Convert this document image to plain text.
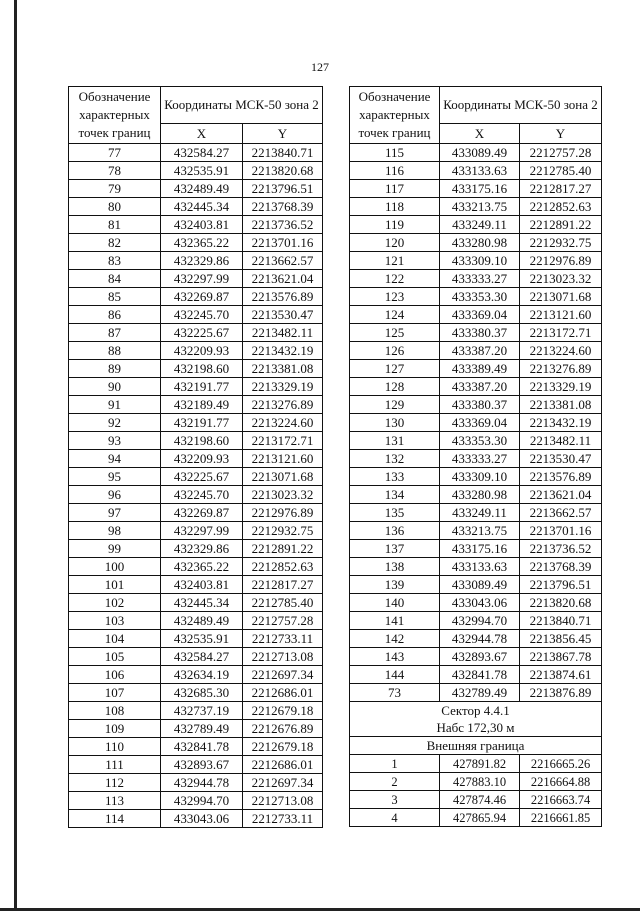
127
Обозначение характерных точек границ	Координаты МСК-50 зона 2	
	X	Y
77	432584.27	2213840.71
78	432535.91	2213820.68
79	432489.49	2213796.51
80	432445.34	2213768.39
81	432403.81	2213736.52
82	432365.22	2213701.16
83	432329.86	2213662.57
84	432297.99	2213621.04
85	432269.87	2213576.89
86	432245.70	2213530.47
87	432225.67	2213482.11
88	432209.93	2213432.19
89	432198.60	2213381.08
90	432191.77	2213329.19
91	432189.49	2213276.89
92	432191.77	2213224.60
93	432198.60	2213172.71
94	432209.93	2213121.60
95	432225.67	2213071.68
96	432245.70	2213023.32
97	432269.87	2212976.89
98	432297.99	2212932.75
99	432329.86	2212891.22
100	432365.22	2212852.63
101	432403.81	2212817.27
102	432445.34	2212785.40
103	432489.49	2212757.28
104	432535.91	2212733.11
105	432584.27	2212713.08
106	432634.19	2212697.34
107	432685.30	2212686.01
108	432737.19	2212679.18
109	432789.49	2212676.89
110	432841.78	2212679.18
111	432893.67	2212686.01
112	432944.78	2212697.34
113	432994.70	2212713.08
114	433043.06	2212733.11
Обозначение характерных точек границ	Координаты МСК-50 зона 2	
	X	Y
115	433089.49	2212757.28
116	433133.63	2212785.40
117	433175.16	2212817.27
118	433213.75	2212852.63
119	433249.11	2212891.22
120	433280.98	2212932.75
121	433309.10	2212976.89
122	433333.27	2213023.32
123	433353.30	2213071.68
124	433369.04	2213121.60
125	433380.37	2213172.71
126	433387.20	2213224.60
127	433389.49	2213276.89
128	433387.20	2213329.19
129	433380.37	2213381.08
130	433369.04	2213432.19
131	433353.30	2213482.11
132	433333.27	2213530.47
133	433309.10	2213576.89
134	433280.98	2213621.04
135	433249.11	2213662.57
136	433213.75	2213701.16
137	433175.16	2213736.52
138	433133.63	2213768.39
139	433089.49	2213796.51
140	433043.06	2213820.68
141	432994.70	2213840.71
142	432944.78	2213856.45
143	432893.67	2213867.78
144	432841.78	2213874.61
73	432789.49	2213876.89
Сектор 4.4.1		
Набс 172,30 м		
Внешняя граница		
1	427891.82	2216665.26
2	427883.10	2216664.88
3	427874.46	2216663.74
4	427865.94	2216661.85
